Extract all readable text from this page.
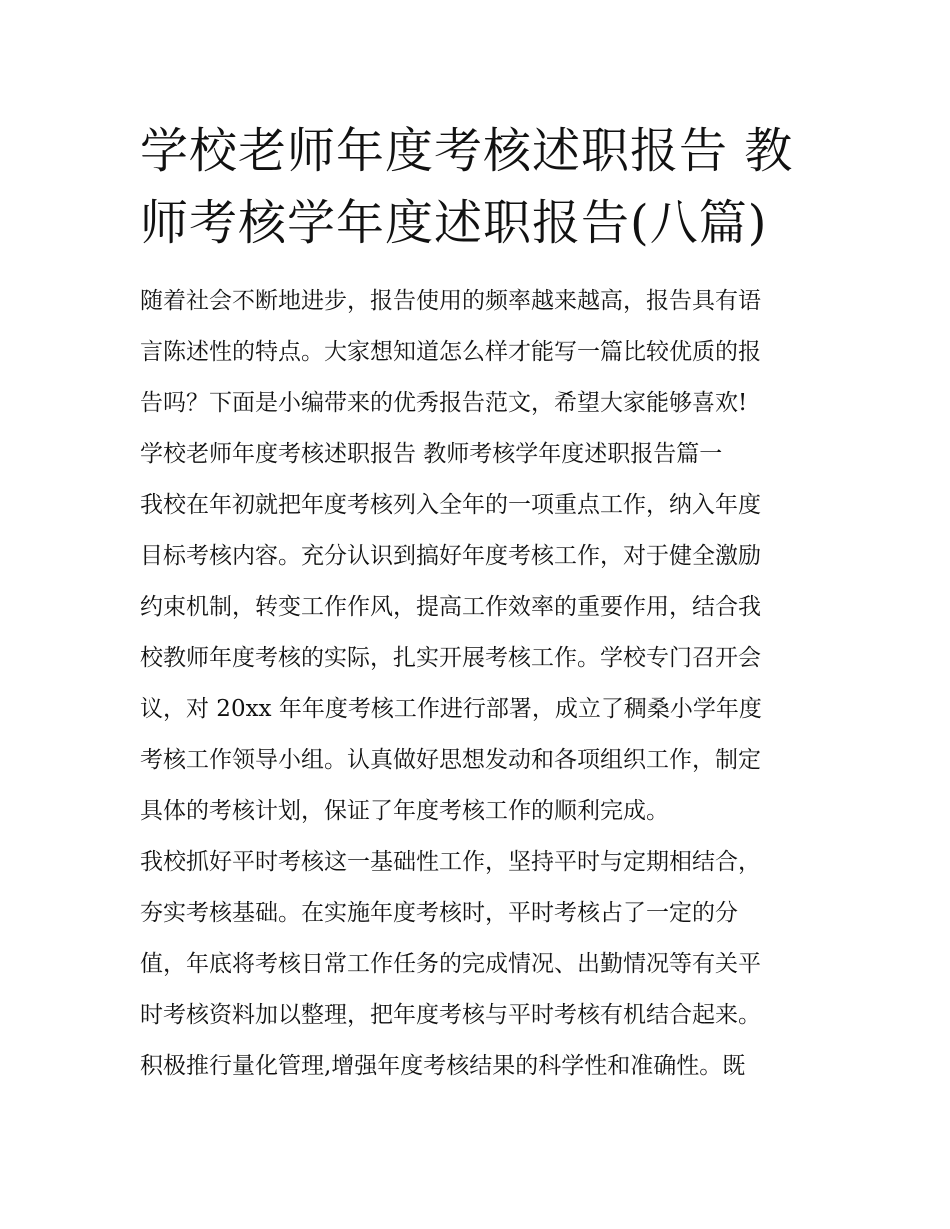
学校老师年度考核述职报告 教
师考核学年度述职报告(八篇)
随着社会不断地进步，报告使用的频率越来越高，报告具有语
言陈述性的特点。大家想知道怎么样才能写一篇比较优质的报
告吗？下面是小编带来的优秀报告范文，希望大家能够喜欢!
学校老师年度考核述职报告 教师考核学年度述职报告篇一
我校在年初就把年度考核列入全年的一项重点工作，纳入年度
目标考核内容。充分认识到搞好年度考核工作，对于健全激励
约束机制，转变工作作风，提高工作效率的重要作用，结合我
校教师年度考核的实际，扎实开展考核工作。学校专门召开会
议，对 20xx 年年度考核工作进行部署，成立了稠桑小学年度
考核工作领导小组。认真做好思想发动和各项组织工作，制定
具体的考核计划，保证了年度考核工作的顺利完成。
我校抓好平时考核这一基础性工作，坚持平时与定期相结合，
夯实考核基础。在实施年度考核时，平时考核占了一定的分
值，年底将考核日常工作任务的完成情况、出勤情况等有关平
时考核资料加以整理，把年度考核与平时考核有机结合起来。
积极推行量化管理,增强年度考核结果的科学性和准确性。既
